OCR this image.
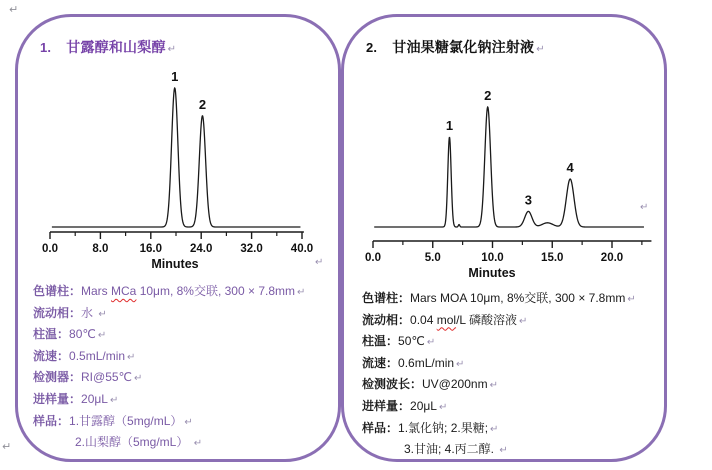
↵
↵
1. 甘露醇和山梨醇 ↵
0.0	8.0	16.0 24.0 32.0 40.0
Minutes
1
2
↵
色谱柱：Mars MCa 10μm, 8%交联, 300 × 7.8mm ↵
流动相：水 ↵
柱温：80℃ ↵
流速：0.5mL/min ↵
检测器：RI@55℃ ↵
进样量：20μL ↵
样品：1.甘露醇（5mg/mL） ↵
2.山梨醇（5mg/mL） ↵
2. 甘油果糖氯化钠注射液 ↵
0.0	5.0	10.0	15.0	20.0
Minutes
1
2
3
4
↵
色谱柱：Mars MOA 10μm, 8%交联, 300 × 7.8mm ↵
流动相：0.04 mol/L 磷酸溶液 ↵
柱温：50℃ ↵
流速：0.6mL/min ↵
检测波长：UV@200nm ↵
进样量：20μL ↵
样品：1.氯化钠; 2.果糖; ↵
3.甘油; 4.丙二醇. ↵
